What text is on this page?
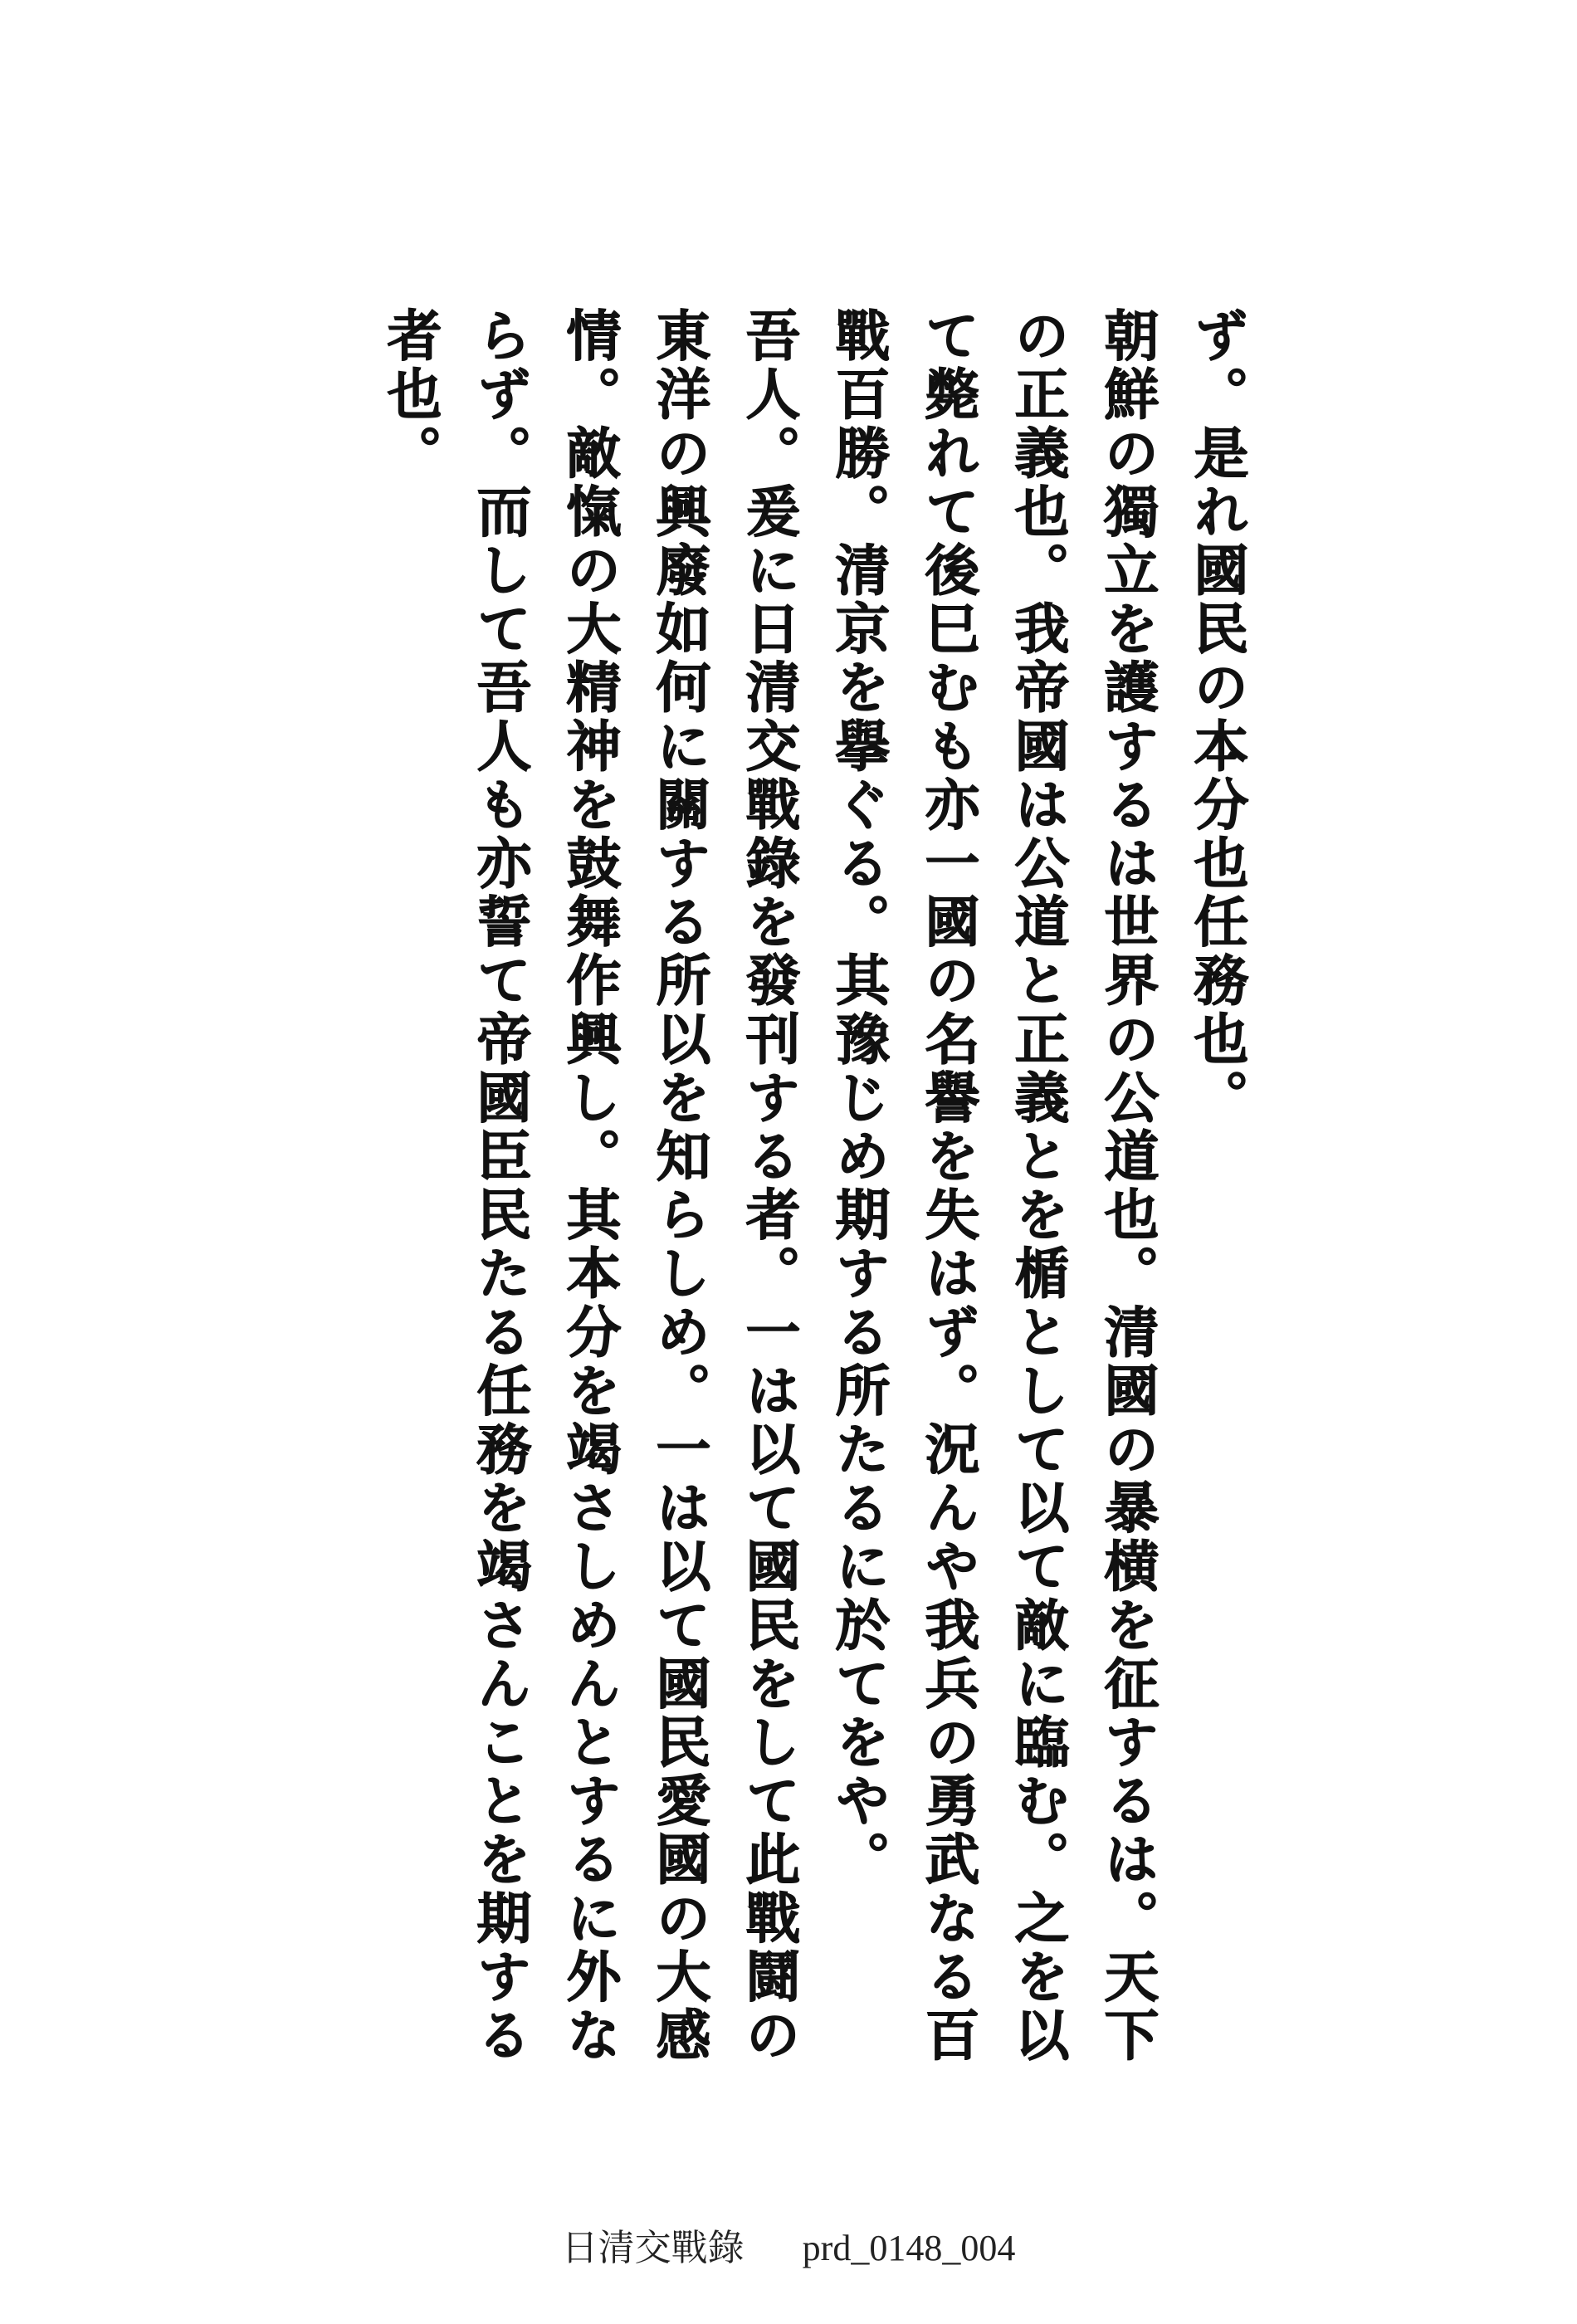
ず。是れ國民の本分也任務也。
朝鮮の獨立を護するは世界の公道也。清國の暴横を征するは。天下
の正義也。我帝國は公道と正義とを楯として以て敵に臨む。之を以
て斃れて後巳むも亦一國の名譽を失はず。況んや我兵の勇武なる百
戰百勝。清京を擧ぐる。其豫じめ期する所たるに於てをや。
吾人。爰に日清交戰錄を發刊する者。一は以て國民をして此戰鬪の
東洋の興廢如何に關する所以を知らしめ。一は以て國民愛國の大感
情。敵愾の大精神を鼓舞作興し。其本分を竭さしめんとするに外な
らず。而して吾人も亦誓て帝國臣民たる任務を竭さんことを期する
者也。
日清交戰錄 prd_0148_004
